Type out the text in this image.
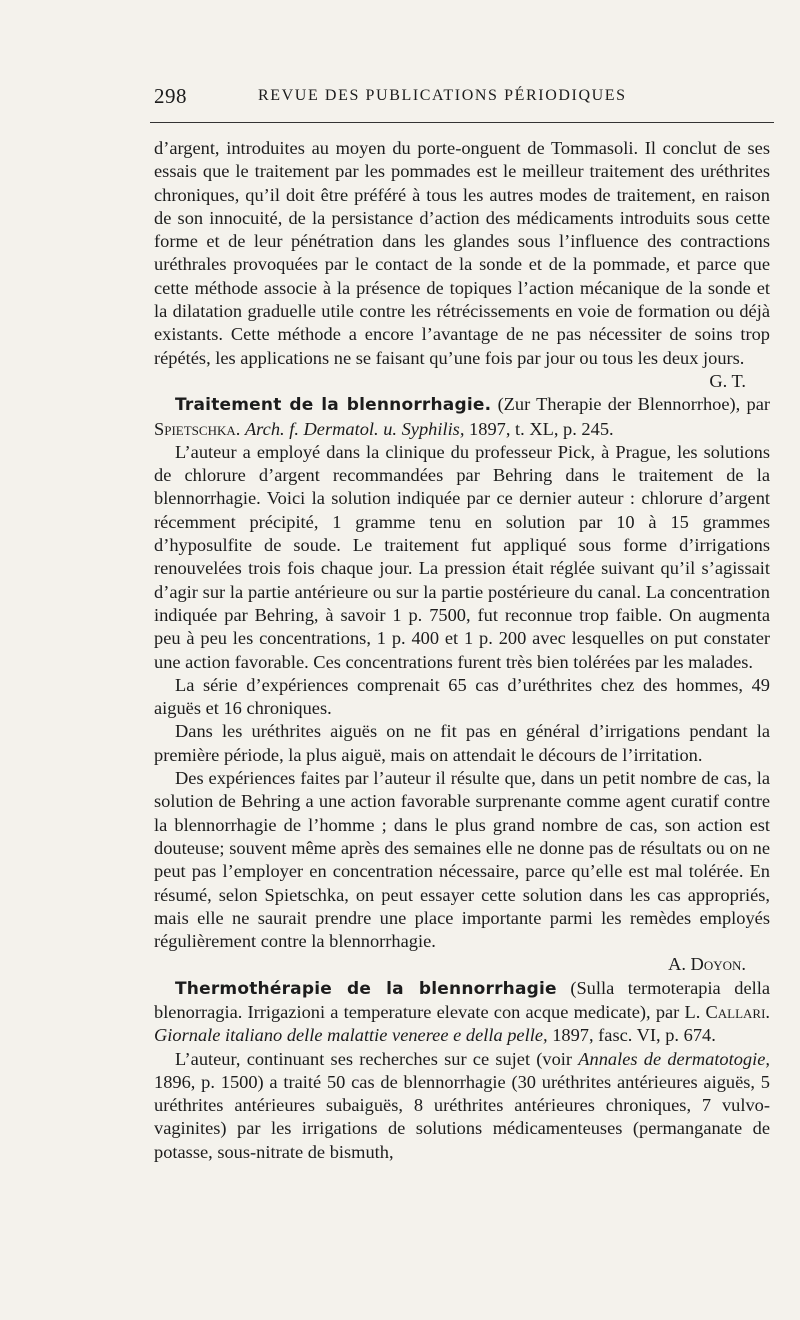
298	REVUE DES PUBLICATIONS PÉRIODIQUES

d’argent, introduites au moyen du porte-onguent de Tommasoli. Il conclut de ses essais que le traitement par les pommades est le meilleur traitement des uréthrites chroniques, qu’il doit être préféré à tous les autres modes de traitement, en raison de son innocuité, de la persistance d’action des médicaments introduits sous cette forme et de leur pénétration dans les glandes sous l’influence des contractions uréthrales provoquées par le contact de la sonde et de la pommade, et parce que cette méthode associe à la présence de topiques l’action mécanique de la sonde et la dilatation graduelle utile contre les rétrécissements en voie de formation ou déjà existants. Cette méthode a encore l’avantage de ne pas nécessiter de soins trop répétés, les applications ne se faisant qu’une fois par jour ou tous les deux jours.

G. T.

Traitement de la blennorrhagie. (Zur Therapie der Blennorrhoe), par Spietschka. Arch. f. Dermatol. u. Syphilis, 1897, t. XL, p. 245.

L’auteur a employé dans la clinique du professeur Pick, à Prague, les solutions de chlorure d’argent recommandées par Behring dans le traitement de la blennorrhagie. Voici la solution indiquée par ce dernier auteur : chlorure d’argent récemment précipité, 1 gramme tenu en solution par 10 à 15 grammes d’hyposulfite de soude. Le traitement fut appliqué sous forme d’irrigations renouvelées trois fois chaque jour. La pression était réglée suivant qu’il s’agissait d’agir sur la partie antérieure ou sur la partie postérieure du canal. La concentration indiquée par Behring, à savoir 1 p. 7500, fut reconnue trop faible. On augmenta peu à peu les concentrations, 1 p. 400 et 1 p. 200 avec lesquelles on put constater une action favorable. Ces concentrations furent très bien tolérées par les malades.

La série d’expériences comprenait 65 cas d’uréthrites chez des hommes, 49 aiguës et 16 chroniques.

Dans les uréthrites aiguës on ne fit pas en général d’irrigations pendant la première période, la plus aiguë, mais on attendait le décours de l’irritation.

Des expériences faites par l’auteur il résulte que, dans un petit nombre de cas, la solution de Behring a une action favorable surprenante comme agent curatif contre la blennorrhagie de l’homme ; dans le plus grand nombre de cas, son action est douteuse; souvent même après des semaines elle ne donne pas de résultats ou on ne peut pas l’employer en concentration nécessaire, parce qu’elle est mal tolérée. En résumé, selon Spietschka, on peut essayer cette solution dans les cas appropriés, mais elle ne saurait prendre une place importante parmi les remèdes employés régulièrement contre la blennorrhagie.

A. Doyon.

Thermothérapie de la blennorrhagie (Sulla termoterapia della blenorragia. Irrigazioni a temperature elevate con acque medicate), par L. Callari. Giornale italiano delle malattie veneree e della pelle, 1897, fasc. VI, p. 674.

L’auteur, continuant ses recherches sur ce sujet (voir Annales de dermatotogie, 1896, p. 1500) a traité 50 cas de blennorrhagie (30 uréthrites antérieures aiguës, 5 uréthrites antérieures subaiguës, 8 uréthrites antérieures chroniques, 7 vulvo-vaginites) par les irrigations de solutions médicamenteuses (permanganate de potasse, sous-nitrate de bismuth,
